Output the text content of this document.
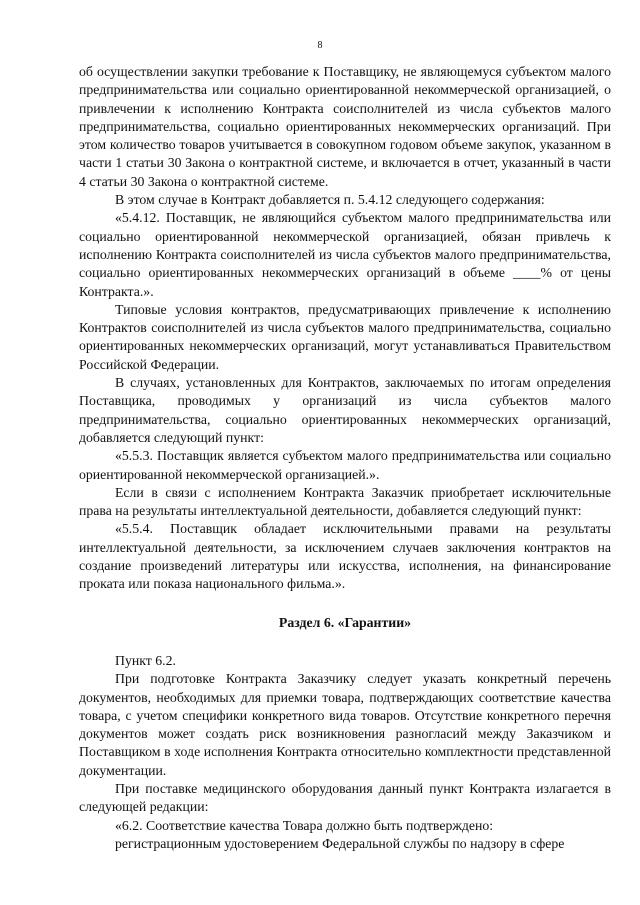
8
об осуществлении закупки требование к Поставщику, не являющемуся субъектом малого предпринимательства или социально ориентированной некоммерческой организацией, о привлечении к исполнению Контракта соисполнителей из числа субъектов малого предпринимательства, социально ориентированных некоммерческих организаций. При этом количество товаров учитывается в совокупном годовом объеме закупок, указанном в части 1 статьи 30 Закона о контрактной системе, и включается в отчет, указанный в части 4 статьи 30 Закона о контрактной системе.
В этом случае в Контракт добавляется п. 5.4.12 следующего содержания:
«5.4.12. Поставщик, не являющийся субъектом малого предпринимательства или социально ориентированной некоммерческой организацией, обязан привлечь к исполнению Контракта соисполнителей из числа субъектов малого предпринимательства, социально ориентированных некоммерческих организаций в объеме ____% от цены Контракта.».
Типовые условия контрактов, предусматривающих привлечение к исполнению Контрактов соисполнителей из числа субъектов малого предпринимательства, социально ориентированных некоммерческих организаций, могут устанавливаться Правительством Российской Федерации.
В случаях, установленных для Контрактов, заключаемых по итогам определения Поставщика, проводимых у организаций из числа субъектов малого предпринимательства, социально ориентированных некоммерческих организаций, добавляется следующий пункт:
«5.5.3. Поставщик является субъектом малого предпринимательства или социально ориентированной некоммерческой организацией.».
Если в связи с исполнением Контракта Заказчик приобретает исключительные права на результаты интеллектуальной деятельности, добавляется следующий пункт:
«5.5.4. Поставщик обладает исключительными правами на результаты интеллектуальной деятельности, за исключением случаев заключения контрактов на создание произведений литературы или искусства, исполнения, на финансирование проката или показа национального фильма.».
Раздел 6. «Гарантии»
Пункт 6.2.
При подготовке Контракта Заказчику следует указать конкретный перечень документов, необходимых для приемки товара, подтверждающих соответствие качества товара, с учетом специфики конкретного вида товаров. Отсутствие конкретного перечня документов может создать риск возникновения разногласий между Заказчиком и Поставщиком в ходе исполнения Контракта относительно комплектности представленной документации.
При поставке медицинского оборудования данный пункт Контракта излагается в следующей редакции:
«6.2. Соответствие качества Товара должно быть подтверждено:
регистрационным удостоверением Федеральной службы по надзору в сфере
